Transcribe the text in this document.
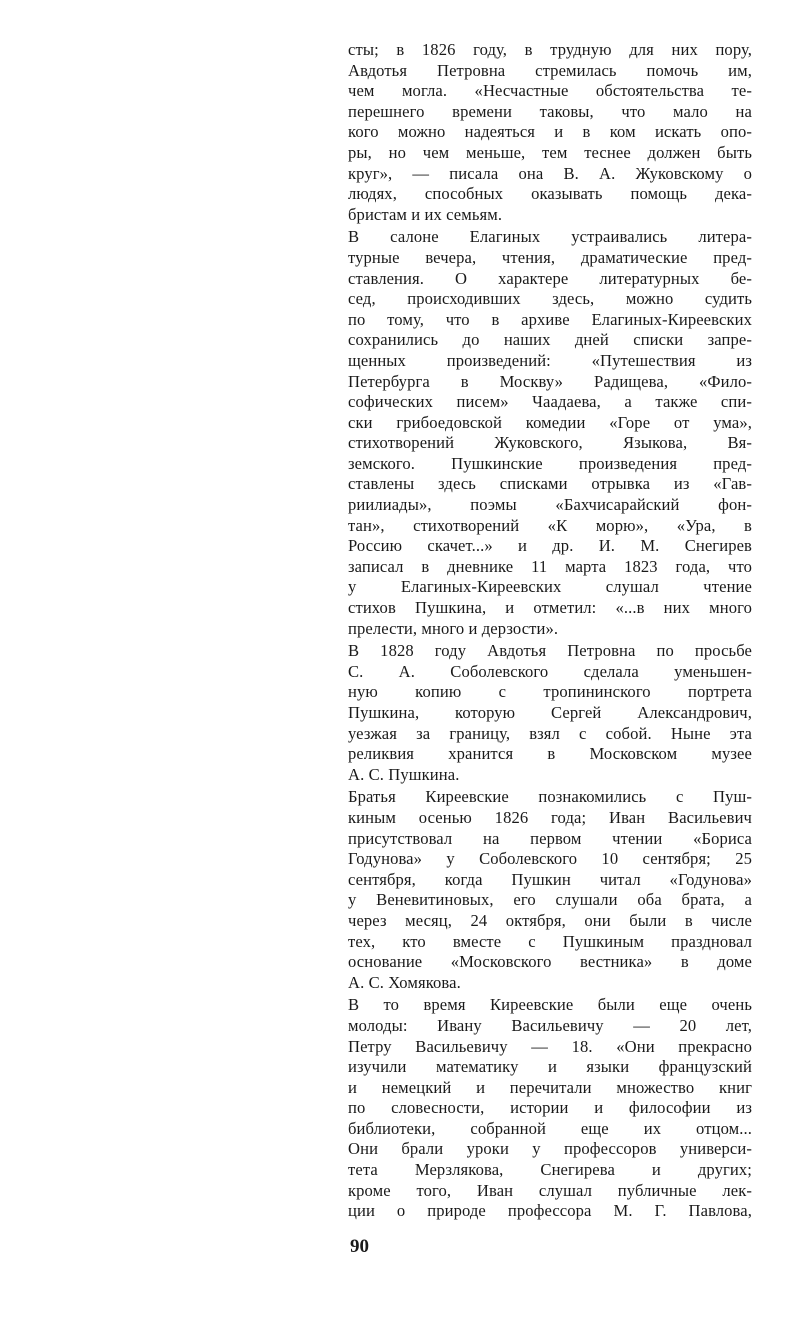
сты; в 1826 году, в трудную для них пору,
Авдотья Петровна стремилась помочь им,
чем могла. «Несчастные обстоятельства те-
перешнего времени таковы, что мало на
кого можно надеяться и в ком искать опо-
ры, но чем меньше, тем теснее должен быть
круг», — писала она В. А. Жуковскому о
людях, способных оказывать помощь дека-
бристам и их семьям.
В салоне Елагиных устраивались литера-
турные вечера, чтения, драматические пред-
ставления. О характере литературных бе-
сед, происходивших здесь, можно судить
по тому, что в архиве Елагиных-Киреевских
сохранились до наших дней списки запре-
щенных произведений: «Путешествия из
Петербурга в Москву» Радищева, «Фило-
софических писем» Чаадаева, а также спи-
ски грибоедовской комедии «Горе от ума»,
стихотворений Жуковского, Языкова, Вя-
земского. Пушкинские произведения пред-
ставлены здесь списками отрывка из «Гав-
риилиады», поэмы «Бахчисарайский фон-
тан», стихотворений «К морю», «Ура, в
Россию скачет...» и др. И. М. Снегирев
записал в дневнике 11 марта 1823 года, что
у Елагиных-Киреевских слушал чтение
стихов Пушкина, и отметил: «...в них много
прелести, много и дерзости».
В 1828 году Авдотья Петровна по просьбе
С. А. Соболевского сделала уменьшен-
ную копию с тропининского портрета
Пушкина, которую Сергей Александрович,
уезжая за границу, взял с собой. Ныне эта
реликвия хранится в Московском музее
А. С. Пушкина.
Братья Киреевские познакомились с Пуш-
киным осенью 1826 года; Иван Васильевич
присутствовал на первом чтении «Бориса
Годунова» у Соболевского 10 сентября; 25
сентября, когда Пушкин читал «Годунова»
у Веневитиновых, его слушали оба брата, а
через месяц, 24 октября, они были в числе
тех, кто вместе с Пушкиным праздновал
основание «Московского вестника» в доме
А. С. Хомякова.
В то время Киреевские были еще очень
молоды: Ивану Васильевичу — 20 лет,
Петру Васильевичу — 18. «Они прекрасно
изучили математику и языки французский
и немецкий и перечитали множество книг
по словесности, истории и философии из
библиотеки, собранной еще их отцом...
Они брали уроки у профессоров универси-
тета Мерзлякова, Снегирева и других;
кроме того, Иван слушал публичные лек-
ции о природе профессора М. Г. Павлова,
90
